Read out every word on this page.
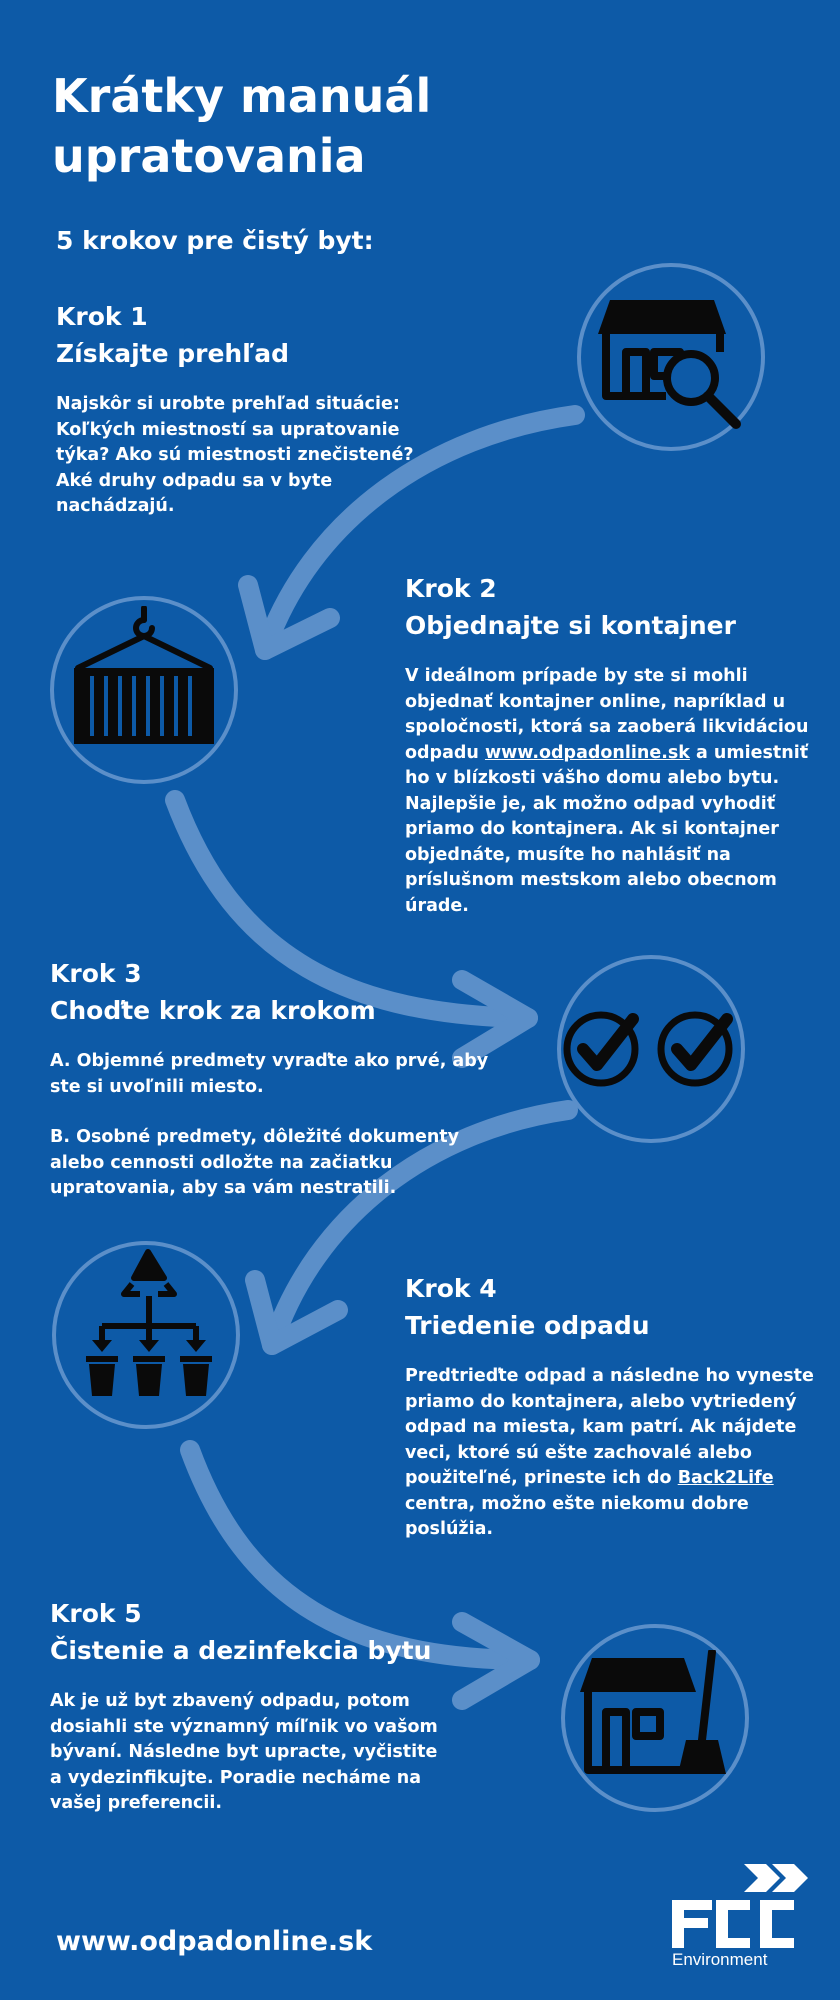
Krátky manuál upratovania
5 krokov pre čistý byt:
Krok 1
Získajte prehľad

Najskôr si urobte prehľad situácie: Koľkých miestností sa upratovanie týka? Ako sú miestnosti znečistené? Aké druhy odpadu sa v byte nachádzajú.

Krok 2
Objednajte si kontajner

V ideálnom prípade by ste si mohli objednať kontajner online, napríklad u spoločnosti, ktorá sa zaoberá likvidáciou odpadu www.odpadonline.sk a umiestniť ho v blízkosti vášho domu alebo bytu. Najlepšie je, ak možno odpad vyhodiť priamo do kontajnera. Ak si kontajner objednáte, musíte ho nahlásiť na príslušnom mestskom alebo obecnom úrade.

Krok 3
Choďte krok za krokom

A. Objemné predmety vyraďte ako prvé, aby ste si uvoľnili miesto.

B. Osobné predmety, dôležité dokumenty alebo cennosti odložte na začiatku upratovania, aby sa vám nestratili.

Krok 4
Triedenie odpadu

Predtrieďte odpad a následne ho vyneste priamo do kontajnera, alebo vytriedený odpad na miesta, kam patrí. Ak nájdete veci, ktoré sú ešte zachovalé alebo použiteľné, prineste ich do Back2Life centra, možno ešte niekomu dobre poslúžia.

Krok 5
Čistenie a dezinfekcia bytu

Ak je už byt zbavený odpadu, potom dosiahli ste významný míľnik vo vašom bývaní. Následne byt upracte, vyčistite a vydezinfikujte. Poradie necháme na vašej preferencii.

www.odpadonline.sk
Environment
